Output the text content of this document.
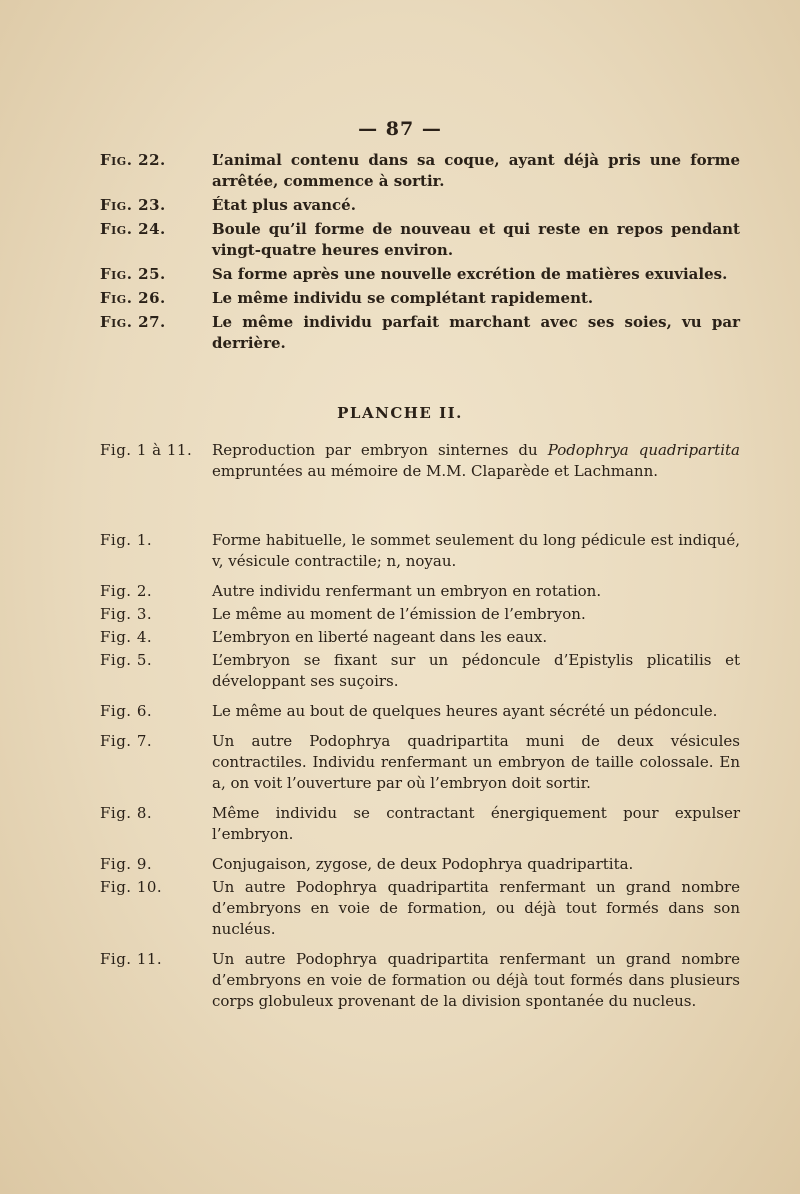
— 87 —
Fig. 22.	L’animal contenu dans sa coque, ayant déjà pris une forme arrêtée, commence à sortir.
Fig. 23.	État plus avancé.
Fig. 24.	Boule qu’il forme de nouveau et qui reste en repos pendant vingt-quatre heures environ.
Fig. 25.	Sa forme après une nouvelle excrétion de matières exuviales.
Fig. 26.	Le même individu se complétant rapidement.
Fig. 27.	Le même individu parfait marchant avec ses soies, vu par derrière.
PLANCHE II.
Fig. 1 à 11.	Reproduction par embryon sinternes du Podophrya quadripartita empruntées au mémoire de M.M. Claparède et Lachmann.
Fig. 1.	Forme habituelle, le sommet seulement du long pédicule est indiqué, v, vésicule contractile; n, noyau.
Fig. 2.	Autre individu renfermant un embryon en rotation.
Fig. 3.	Le même au moment de l’émission de l’embryon.
Fig. 4.	L’embryon en liberté nageant dans les eaux.
Fig. 5.	L’embryon se fixant sur un pédoncule d’Epistylis plicatilis et développant ses suçoirs.
Fig. 6.	Le même au bout de quelques heures ayant sécrété un pédoncule.
Fig. 7.	Un autre Podophrya quadripartita muni de deux vésicules contractiles. Individu renfermant un embryon de taille colossale. En a, on voit l’ouverture par où l’embryon doit sortir.
Fig. 8.	Même individu se contractant énergiquement pour expulser l’embryon.
Fig. 9.	Conjugaison, zygose, de deux Podophrya quadripartita.
Fig. 10.	Un autre Podophrya quadripartita renfermant un grand nombre d’embryons en voie de formation, ou déjà tout formés dans son nucléus.
Fig. 11.	Un autre Podophrya quadripartita renfermant un grand nombre d’embryons en voie de formation ou déjà tout formés dans plusieurs corps globuleux provenant de la division spontanée du nucleus.
